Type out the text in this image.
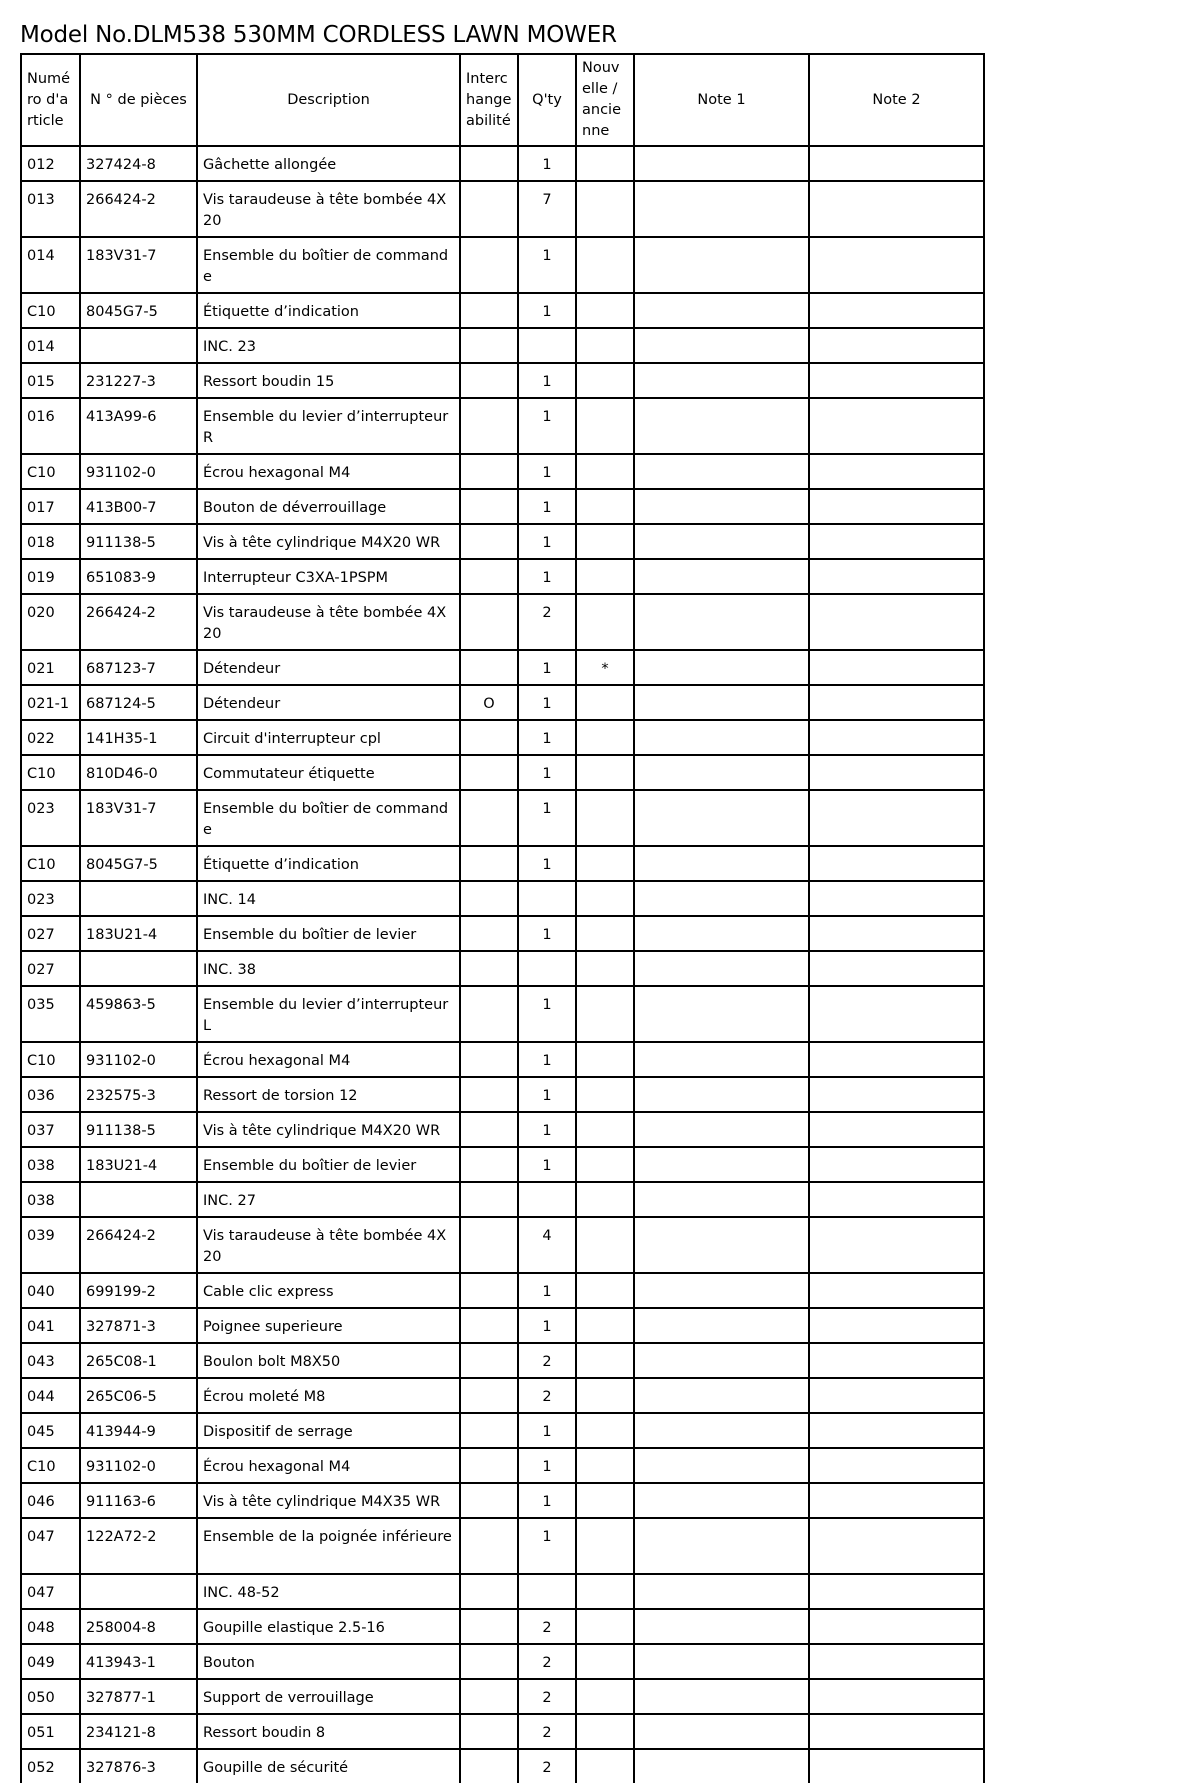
Model No.DLM538 530MM CORDLESS LAWN MOWER
Numéro d'article	N ° de pièces	Description	Interchangeabilité	Q'ty	Nouvelle / ancienne	Note 1	Note 2
012	327424-8	Gâchette allongée		1			
013	266424-2	Vis taraudeuse à tête bombée 4X20		7			
014	183V31-7	Ensemble du boîtier de commande		1			
C10	8045G7-5	Étiquette d’indication		1			
014		INC. 23					
015	231227-3	Ressort boudin 15		1			
016	413A99-6	Ensemble du levier d’interrupteur R		1			
C10	931102-0	Écrou hexagonal M4		1			
017	413B00-7	Bouton de déverrouillage		1			
018	911138-5	Vis à tête cylindrique M4X20 WR		1			
019	651083-9	Interrupteur C3XA-1PSPM		1			
020	266424-2	Vis taraudeuse à tête bombée 4X20		2			
021	687123-7	Détendeur		1	*		
021-1	687124-5	Détendeur	O	1			
022	141H35-1	Circuit d'interrupteur cpl		1			
C10	810D46-0	Commutateur étiquette		1			
023	183V31-7	Ensemble du boîtier de commande		1			
C10	8045G7-5	Étiquette d’indication		1			
023		INC. 14					
027	183U21-4	Ensemble du boîtier de levier		1			
027		INC. 38					
035	459863-5	Ensemble du levier d’interrupteur L		1			
C10	931102-0	Écrou hexagonal M4		1			
036	232575-3	Ressort de torsion 12		1			
037	911138-5	Vis à tête cylindrique M4X20 WR		1			
038	183U21-4	Ensemble du boîtier de levier		1			
038		INC. 27					
039	266424-2	Vis taraudeuse à tête bombée 4X20		4			
040	699199-2	Cable clic express		1			
041	327871-3	Poignee superieure		1			
043	265C08-1	Boulon bolt M8X50		2			
044	265C06-5	Écrou moleté M8		2			
045	413944-9	Dispositif de serrage		1			
C10	931102-0	Écrou hexagonal M4		1			
046	911163-6	Vis à tête cylindrique M4X35 WR		1			
047	122A72-2	Ensemble de la poignée inférieure		1			
047		INC. 48-52					
048	258004-8	Goupille elastique 2.5-16		2			
049	413943-1	Bouton		2			
050	327877-1	Support de verrouillage		2			
051	234121-8	Ressort boudin 8		2			
052	327876-3	Goupille de sécurité		2			
